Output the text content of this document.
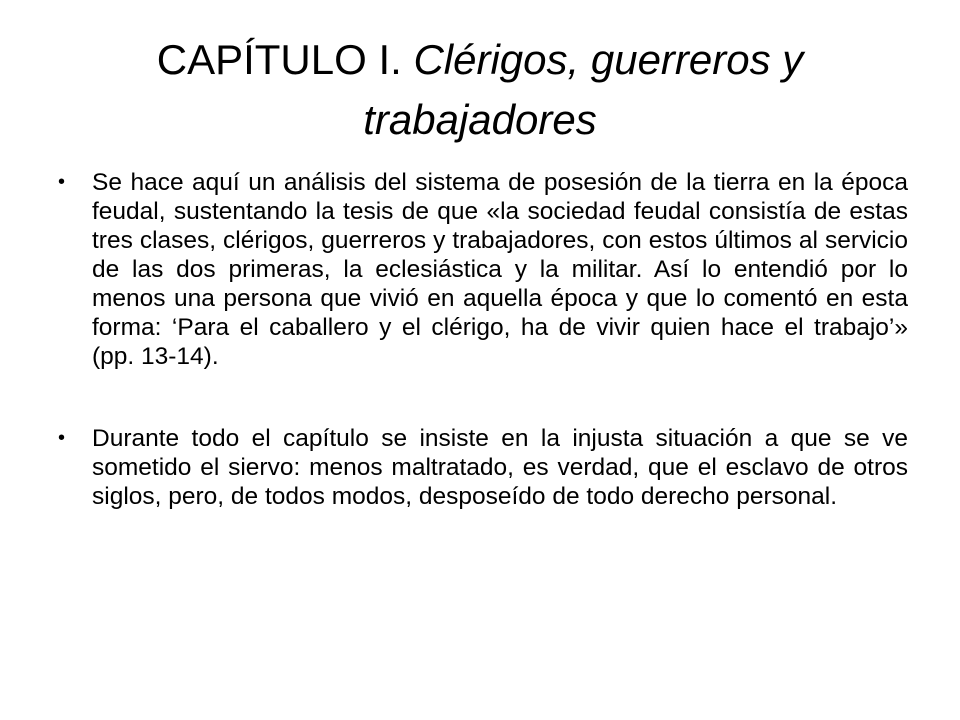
CAPÍTULO I. Clérigos, guerreros y trabajadores
•	Se hace aquí un análisis del sistema de posesión de la tierra en la época feudal, sustentando la tesis de que «la sociedad feudal consistía de estas tres clases, clérigos, guerreros y trabajadores, con estos últimos al servicio de las dos primeras, la eclesiástica y la militar. Así lo entendió por lo menos una persona que vivió en aquella época y que lo comentó en esta forma: ‘Para el caballero y el clérigo, ha de vivir quien hace el trabajo’» (pp. 13-14).
•	Durante todo el capítulo se insiste en la injusta situación a que se ve sometido el siervo: menos maltratado, es verdad, que el esclavo de otros siglos, pero, de todos modos, desposeído de todo derecho personal.
